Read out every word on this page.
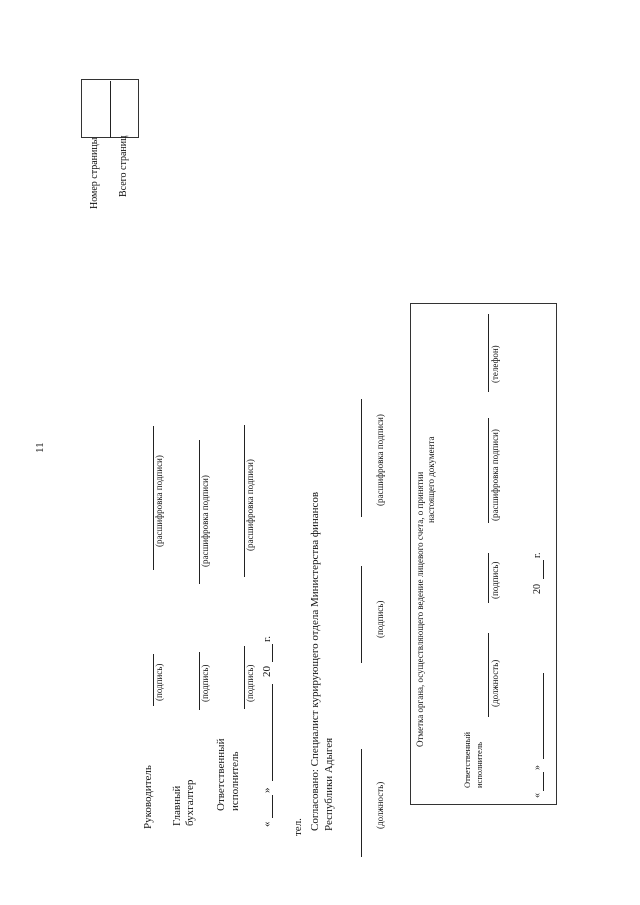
11
Номер страницы Всего страниц
Руководитель
(подпись)
(расшифровка подписи)
Главный бухгалтер
(подпись)
(расшифровка подписи)
Ответственный исполнитель
(подпись)
(расшифровка подписи)
«
»
20
г.
тел. Согласовано: Специалист курирующего отдела Министерства финансов Республики Адыгея	(должность)
(подпись)
(расшифровка подписи)
Отметка органа, осуществляющего ведение лицевого счета, о принятии настоящего документа
Ответственный исполнитель
(должность)
(подпись)
(расшифровка подписи)
(телефон)
«
»
20
г.
